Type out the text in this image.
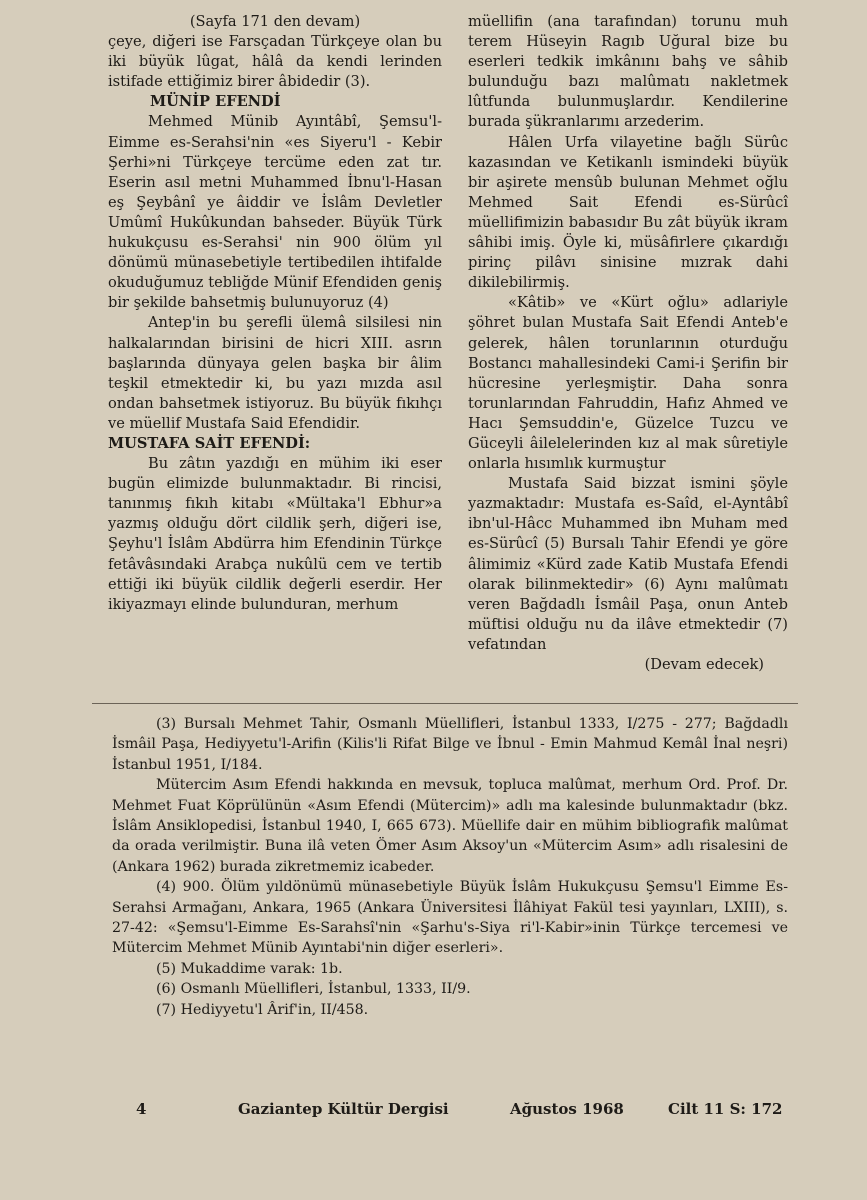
(Sayfa 171 den devam)

çeye, diğeri ise Farsçadan Türkçeye olan bu iki büyük lûgat, hâlâ da kendi lerinden istifade ettiğimiz birer âbidedir (3).

MÜNİP EFENDİ

Mehmed Münib Ayıntâbî, Şemsu'l-Eimme es-Serahsi'nin «es Siyeru'l - Kebir Şerhi»ni Türkçeye tercüme eden zat tır. Eserin asıl metni Muhammed İbnu'l-Hasan eş Şeybânî ye âiddir ve İslâm Devletler Umûmî Hukûkundan bahseder. Büyük Türk hukukçusu es-Serahsi' nin 900 ölüm yıl dönümü münasebetiyle tertibedilen ihtifalde okuduğumuz tebliğde Münif Efendiden geniş bir şekilde bahsetmiş bulunuyoruz (4)

Antep'in bu şerefli ülemâ silsilesi nin halkalarından birisini de hicri XIII. asrın başlarında dünyaya gelen başka bir âlim teşkil etmektedir ki, bu yazı mızda asıl ondan bahsetmek istiyoruz. Bu büyük fıkıhçı ve müellif Mustafa Said Efendidir.

MUSTAFA SAİT EFENDİ:

Bu zâtın yazdığı en mühim iki eser bugün elimizde bulunmaktadır. Bi rincisi, tanınmış fıkıh kitabı «Mültaka'l Ebhur»a yazmış olduğu dört cildlik şerh, diğeri ise, Şeyhu'l İslâm Abdürra him Efendinin Türkçe fetâvâsındaki Arabça nukûlü cem ve tertib ettiği iki büyük cildlik değerli eserdir. Her ikiyazmayı elinde bulunduran, merhum

müellifin (ana tarafından) torunu muh terem Hüseyin Ragıb Uğural bize bu eserleri tedkik imkânını bahş ve sâhib bulunduğu bazı malûmatı nakletmek lûtfunda bulunmuşlardır. Kendilerine burada şükranlarımı arzederim.

Hâlen Urfa vilayetine bağlı Sürûc kazasından ve Ketikanlı ismindeki büyük bir aşirete mensûb bulunan Mehmet oğlu Mehmed Sait Efendi es-Sürûcî müellifimizin babasıdır Bu zât büyük ikram sâhibi imiş. Öyle ki, müsâfirlere çıkardığı pirinç pilâvı sinisine mızrak dahi dikilebilirmiş.

«Kâtib» ve «Kürt oğlu» adlariyle şöhret bulan Mustafa Sait Efendi Anteb'e gelerek, hâlen torunlarının oturduğu Bostancı mahallesindeki Cami-i Şerifin bir hücresine yerleşmiştir. Daha sonra torunlarından Fahruddin, Hafız Ahmed ve Hacı Şemsuddin'e, Güzelce Tuzcu ve Güceyli âilelelerinden kız al mak sûretiyle onlarla hısımlık kurmuştur

Mustafa Said bizzat ismini şöyle yazmaktadır: Mustafa es-Saîd, el-Ayntâbî ibn'ul-Hâcc Muhammed ibn Muham med es-Sürûcî (5) Bursalı Tahir Efendi ye göre âlimimiz «Kürd zade Katib Mustafa Efendi olarak bilinmektedir» (6) Aynı malûmatı veren Bağdadlı İsmâil Paşa, onun Anteb müftisi olduğu nu da ilâve etmektedir (7) vefatından

(Devam edecek)

(3) Bursalı Mehmet Tahir, Osmanlı Müellifleri, İstanbul 1333, I/275 - 277; Bağdadlı İsmâil Paşa, Hediyyetu'l-Arifin (Kilis'li Rifat Bilge ve İbnul - Emin Mahmud Kemâl İnal neşri) İstanbul 1951, I/184.

Mütercim Asım Efendi hakkında en mevsuk, topluca malûmat, merhum Ord. Prof. Dr. Mehmet Fuat Köprülünün «Asım Efendi (Mütercim)» adlı ma kalesinde bulunmaktadır (bkz. İslâm Ansiklopedisi, İstanbul 1940, I, 665 673). Müellife dair en mühim bibliografik malûmat da orada verilmiştir. Buna ilâ veten Ömer Asım Aksoy'un «Mütercim Asım» adlı risalesini de (Ankara 1962) burada zikretmemiz icabeder.

(4) 900. Ölüm yıldönümü münasebetiyle Büyük İslâm Hukukçusu Şemsu'l Eimme Es-Serahsi Armağanı, Ankara, 1965 (Ankara Üniversitesi İlâhiyat Fakül tesi yayınları, LXIII), s. 27-42: «Şemsu'l-Eimme Es-Sarahsî'nin «Şarhu's-Siya ri'l-Kabir»inin Türkçe tercemesi ve Mütercim Mehmet Münib Ayıntabi'nin diğer eserleri».

(5) Mukaddime varak: 1b.

(6) Osmanlı Müellifleri, İstanbul, 1333, II/9.

(7) Hediyyetu'l Ârif'in, II/458.

4	Gaziantep Kültür Dergisi	Ağustos 1968	Cilt 11 S: 172
